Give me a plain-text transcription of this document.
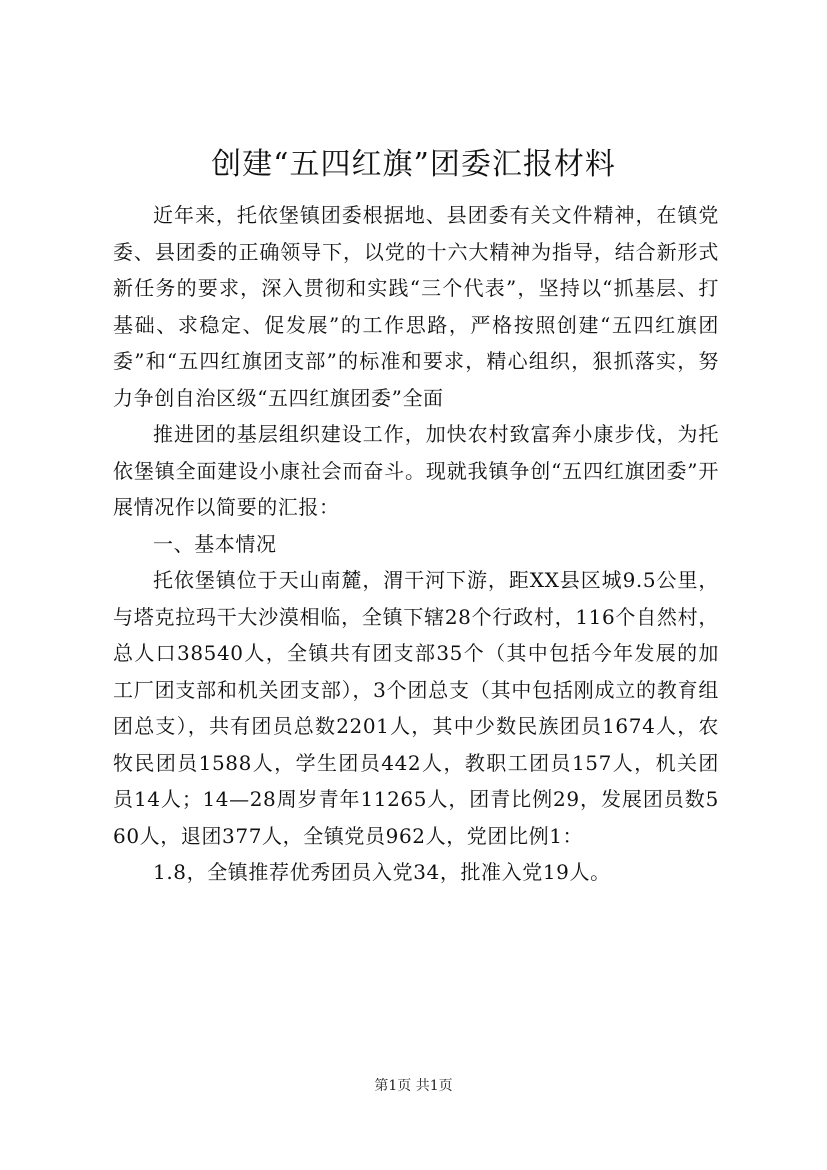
创建“五四红旗”团委汇报材料

近年来，托依堡镇团委根据地、县团委有关文件精神，在镇党委、县团委的正确领导下，以党的十六大精神为指导，结合新形式新任务的要求，深入贯彻和实践“三个代表”，坚持以“抓基层、打基础、求稳定、促发展”的工作思路，严格按照创建“五四红旗团委”和“五四红旗团支部”的标准和要求，精心组织，狠抓落实，努力争创自治区级“五四红旗团委”全面

推进团的基层组织建设工作，加快农村致富奔小康步伐，为托依堡镇全面建设小康社会而奋斗。现就我镇争创“五四红旗团委”开展情况作以简要的汇报：

一、基本情况

托依堡镇位于天山南麓，渭干河下游，距XX县区城9.5公里，与塔克拉玛干大沙漠相临，全镇下辖28个行政村，116个自然村，总人口38540人，全镇共有团支部35个（其中包括今年发展的加工厂团支部和机关团支部），3个团总支（其中包括刚成立的教育组团总支），共有团员总数2201人，其中少数民族团员1674人，农牧民团员1588人，学生团员442人，教职工团员157人，机关团员14人；14—28周岁青年11265人，团青比例29，发展团员数560人，退团377人，全镇党员962人，党团比例1：

1.8，全镇推荐优秀团员入党34，批准入党19人。

第1页 共1页
